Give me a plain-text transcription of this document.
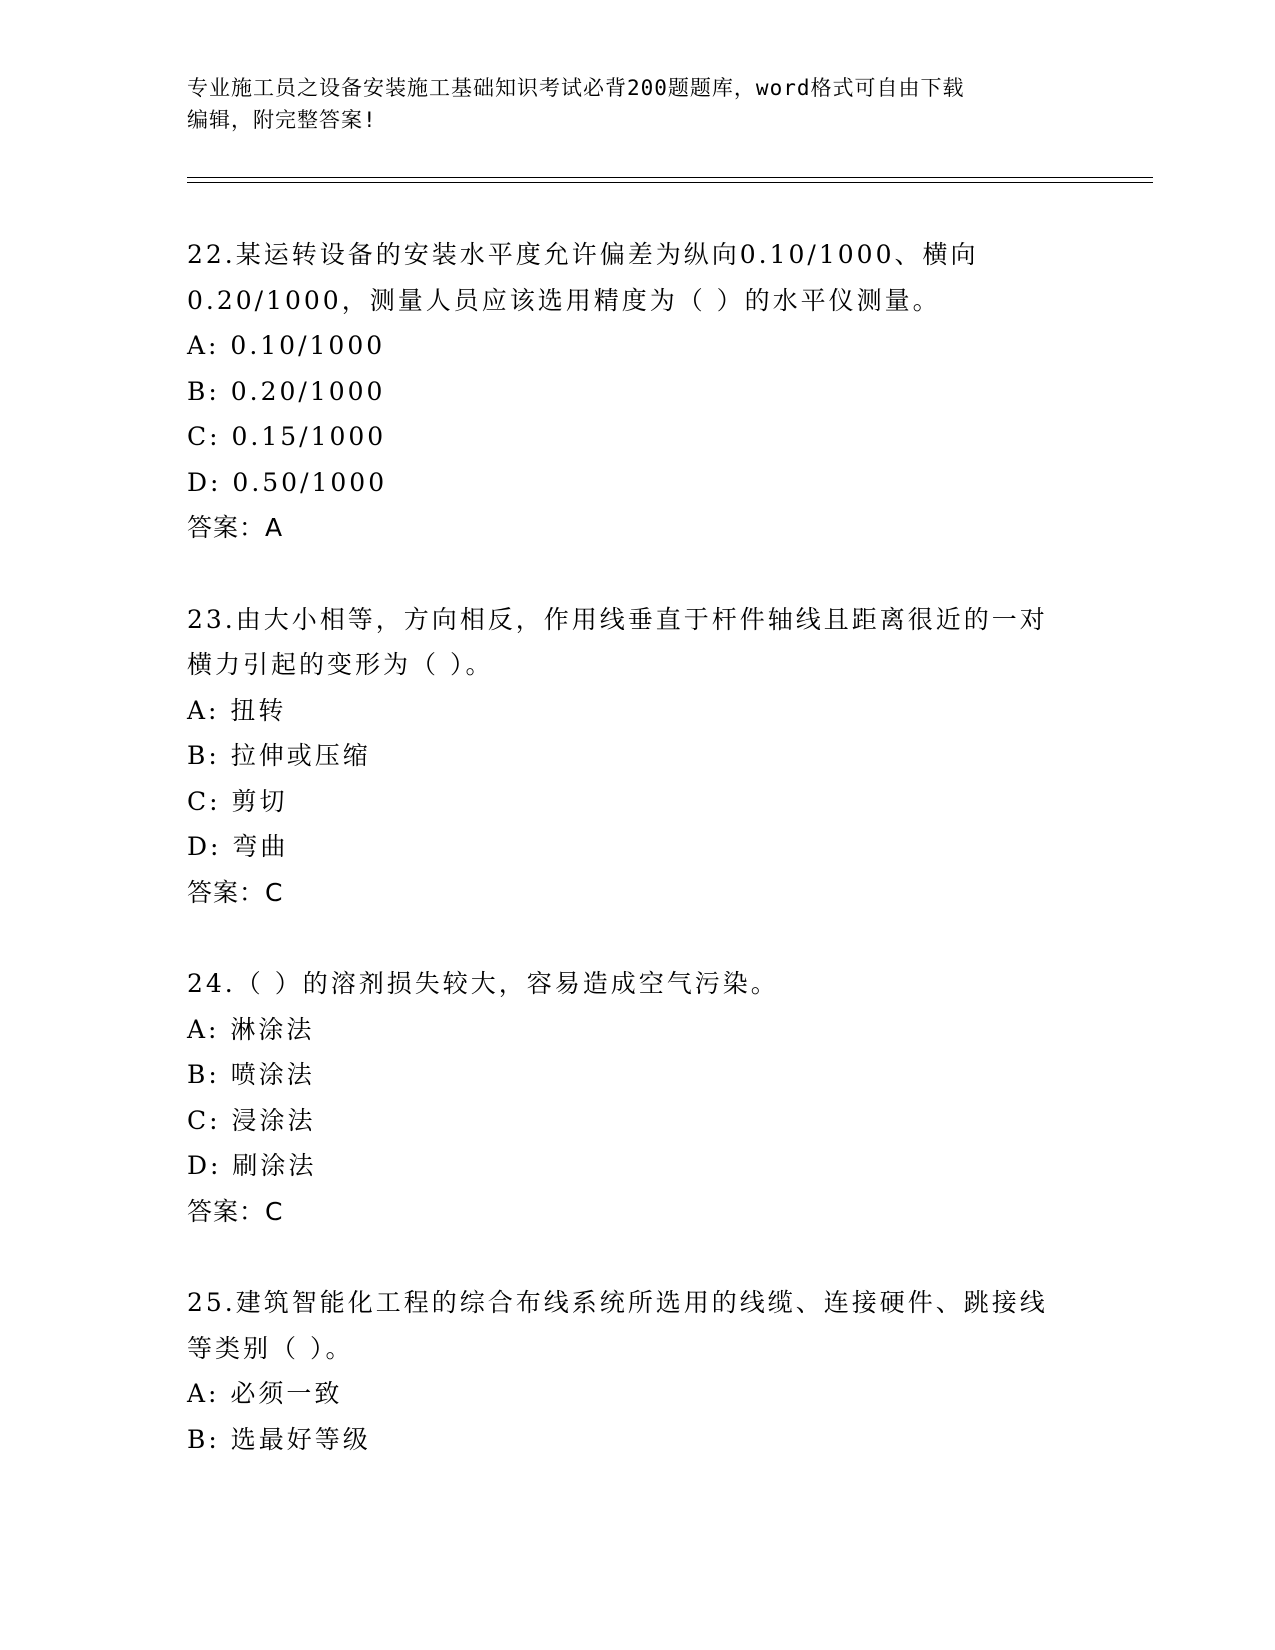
专业施工员之设备安装施工基础知识考试必背200题题库，word格式可自由下载
编辑，附完整答案!
22.某运转设备的安装水平度允许偏差为纵向0.10/1000、横向
0.20/1000，测量人员应该选用精度为（ ）的水平仪测量。
A: 0.10/1000
B: 0.20/1000
C: 0.15/1000
D: 0.50/1000
答案：A
23.由大小相等，方向相反，作用线垂直于杆件轴线且距离很近的一对
横力引起的变形为（ ）。
A: 扭转
B: 拉伸或压缩
C: 剪切
D: 弯曲
答案：C
24.（ ）的溶剂损失较大，容易造成空气污染。
A: 淋涂法
B: 喷涂法
C: 浸涂法
D: 刷涂法
答案：C
25.建筑智能化工程的综合布线系统所选用的线缆、连接硬件、跳接线
等类别（ ）。
A: 必须一致
B: 选最好等级
